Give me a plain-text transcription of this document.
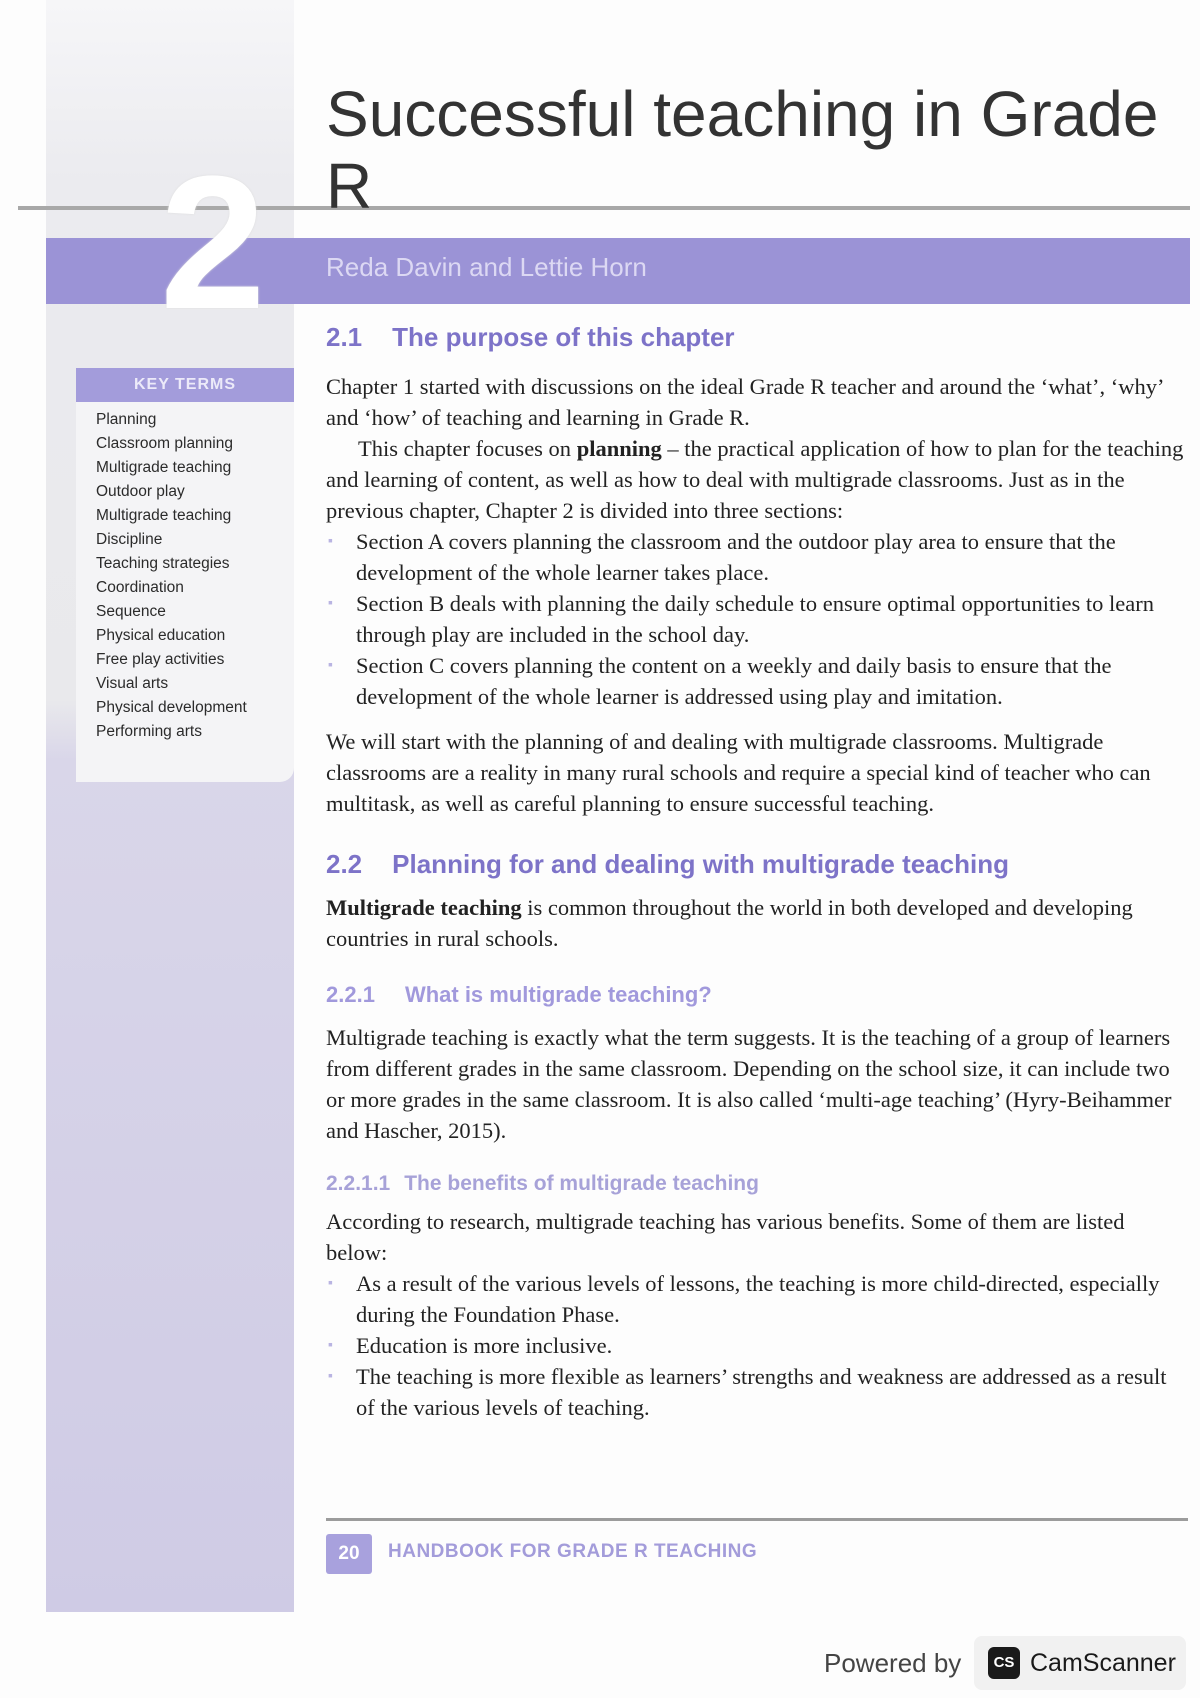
2
Successful teaching in Grade R
Reda Davin and Lettie Horn
KEY TERMS
Planning
Classroom planning
Multigrade teaching
Outdoor play
Multigrade teaching
Discipline
Teaching strategies
Coordination
Sequence
Physical education
Free play activities
Visual arts
Physical development
Performing arts
2.1 The purpose of this chapter

Chapter 1 started with discussions on the ideal Grade R teacher and around the ‘what’, ‘why’ and ‘how’ of teaching and learning in Grade R.

This chapter focuses on planning – the practical application of how to plan for the teaching and learning of content, as well as how to deal with multigrade classrooms. Just as in the previous chapter, Chapter 2 is divided into three sections:

▪ Section A covers planning the classroom and the outdoor play area to ensure that the development of the whole learner takes place.
▪ Section B deals with planning the daily schedule to ensure optimal opportunities to learn through play are included in the school day.
▪ Section C covers planning the content on a weekly and daily basis to ensure that the development of the whole learner is addressed using play and imitation.

We will start with the planning of and dealing with multigrade classrooms. Multigrade classrooms are a reality in many rural schools and require a special kind of teacher who can multitask, as well as careful planning to ensure successful teaching.

2.2 Planning for and dealing with multigrade teaching

Multigrade teaching is common throughout the world in both developed and developing countries in rural schools.

2.2.1 What is multigrade teaching?

Multigrade teaching is exactly what the term suggests. It is the teaching of a group of learners from different grades in the same classroom. Depending on the school size, it can include two or more grades in the same classroom. It is also called ‘multi-age teaching’ (Hyry-Beihammer and Hascher, 2015).

2.2.1.1 The benefits of multigrade teaching

According to research, multigrade teaching has various benefits. Some of them are listed below:

▪ As a result of the various levels of lessons, the teaching is more child-directed, especially during the Foundation Phase.
▪ Education is more inclusive.
▪ The teaching is more flexible as learners’ strengths and weakness are addressed as a result of the various levels of teaching.
20	HANDBOOK FOR GRADE R TEACHING
Powered by	CS CamScanner
